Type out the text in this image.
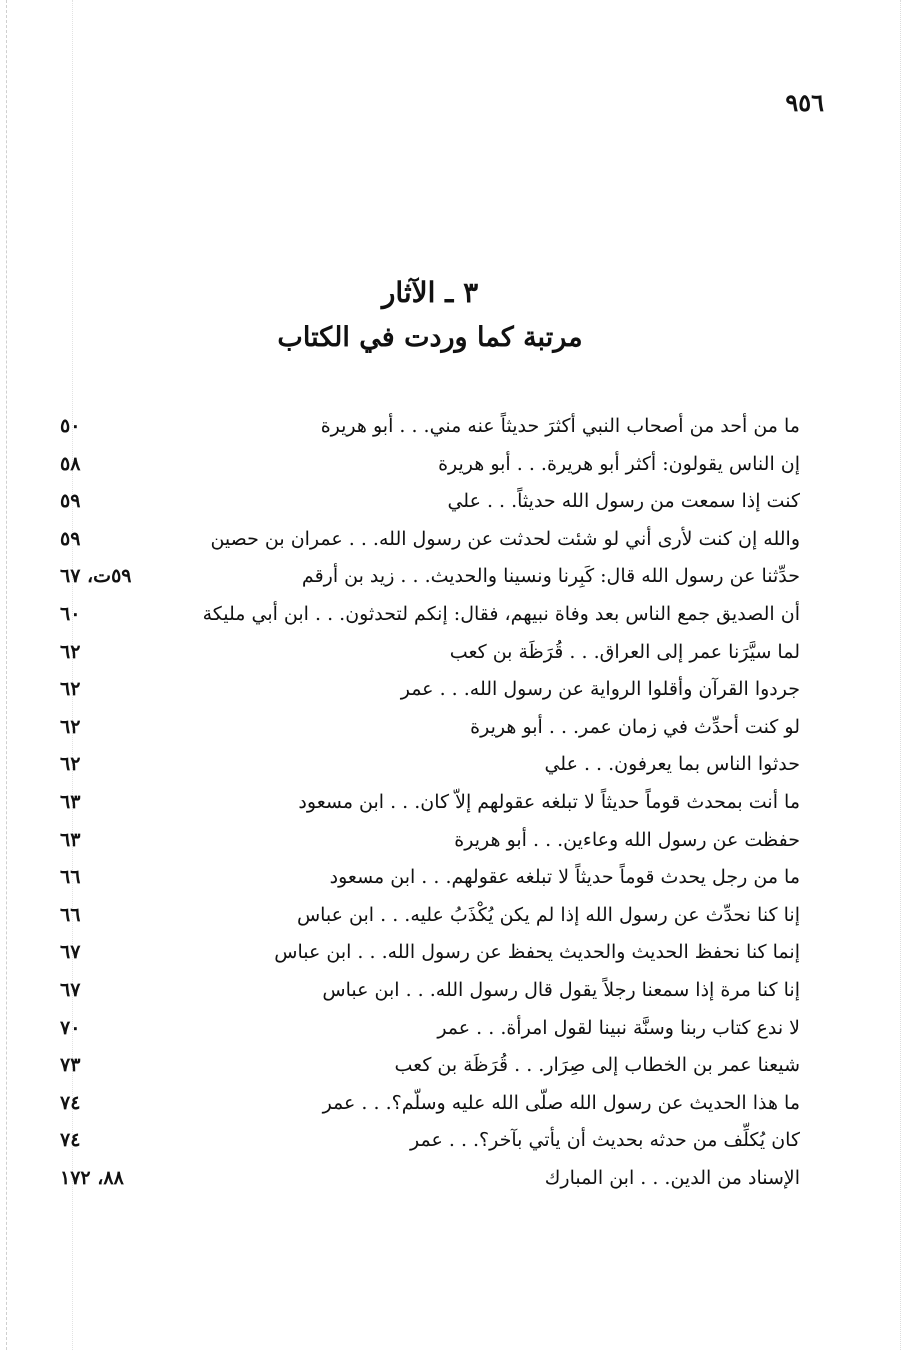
٩٥٦
٣ ـ الآثار
مرتبة كما وردت في الكتاب
ما من أحد من أصحاب النبي أكثرَ حديثاً عنه مني. . . أبو هريرة
٥٠
إن الناس يقولون: أكثر أبو هريرة. . . أبو هريرة
٥٨
كنت إذا سمعت من رسول الله حديثاً. . . علي
٥٩
والله إن كنت لأرى أني لو شئت لحدثت عن رسول الله. . . عمران بن حصين
٥٩
حدِّثنا عن رسول الله قال: كَبِرنا ونسينا والحديث. . . زيد بن أرقم
٥٩ت، ٦٧
أن الصديق جمع الناس بعد وفاة نبيهم، فقال: إنكم لتحدثون. . . ابن أبي مليكة
٦٠
لما سيَّرَنا عمر إلى العراق. . . قُرَظَة بن كعب
٦٢
جردوا القرآن وأقلوا الرواية عن رسول الله. . . عمر
٦٢
لو كنت أحدِّث في زمان عمر. . . أبو هريرة
٦٢
حدثوا الناس بما يعرفون. . . علي
٦٢
ما أنت بمحدث قوماً حديثاً لا تبلغه عقولهم إلاّ كان. . . ابن مسعود
٦٣
حفظت عن رسول الله وعاءين. . . أبو هريرة
٦٣
ما من رجل يحدث قوماً حديثاً لا تبلغه عقولهم. . . ابن مسعود
٦٦
إنا كنا نحدِّث عن رسول الله إذا لم يكن يُكْذَبُ عليه. . . ابن عباس
٦٦
إنما كنا نحفظ الحديث والحديث يحفظ عن رسول الله. . . ابن عباس
٦٧
إنا كنا مرة إذا سمعنا رجلاً يقول قال رسول الله. . . ابن عباس
٦٧
لا ندع كتاب ربنا وسنَّة نبينا لقول امرأة. . . عمر
٧٠
شيعنا عمر بن الخطاب إلى صِرَار. . . قُرَظَة بن كعب
٧٣
ما هذا الحديث عن رسول الله صلّى الله عليه وسلّم؟. . . عمر
٧٤
كان يُكلِّف من حدثه بحديث أن يأتي بآخر؟. . . عمر
٧٤
الإسناد من الدين. . . ابن المبارك
٨٨، ١٧٢
